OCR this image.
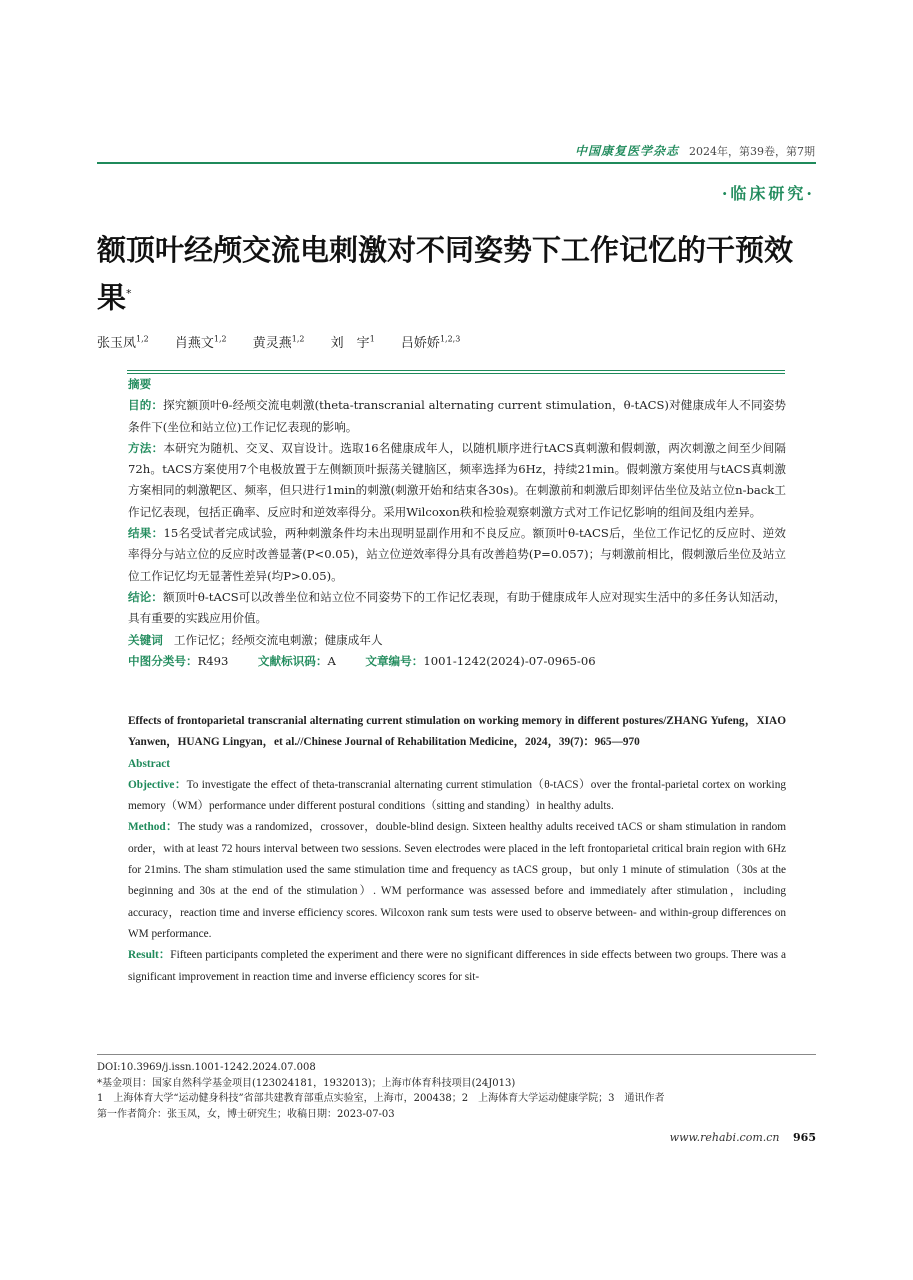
中国康复医学杂志 2024年，第39卷，第7期
·临床研究·
额顶叶经颅交流电刺激对不同姿势下工作记忆的干预效果*
张玉凤$^{1,2}$ 肖燕文$^{1,2}$ 黄灵燕$^{1,2}$ 刘　宇$^1$ 吕娇娇$^{1,2,3}$

摘要

目的：探究额顶叶θ-经颅交流电刺激(theta-transcranial alternating current stimulation，θ-tACS)对健康成年人不同姿势条件下(坐位和站立位)工作记忆表现的影响。

方法：本研究为随机、交叉、双盲设计。选取16名健康成年人，以随机顺序进行tACS真刺激和假刺激，两次刺激之间至少间隔72h。tACS方案使用7个电极放置于左侧额顶叶振荡关键脑区，频率选择为6Hz，持续21min。假刺激方案使用与tACS真刺激方案相同的刺激靶区、频率，但只进行1min的刺激(刺激开始和结束各30s)。在刺激前和刺激后即刻评估坐位及站立位n-back工作记忆表现，包括正确率、反应时和逆效率得分。采用Wilcoxon秩和检验观察刺激方式对工作记忆影响的组间及组内差异。

结果：15名受试者完成试验，两种刺激条件均未出现明显副作用和不良反应。额顶叶θ-tACS后，坐位工作记忆的反应时、逆效率得分与站立位的反应时改善显著(P<0.05)，站立位逆效率得分具有改善趋势(P=0.057)；与刺激前相比，假刺激后坐位及站立位工作记忆均无显著性差异(均P>0.05)。

结论：额顶叶θ-tACS可以改善坐位和站立位不同姿势下的工作记忆表现，有助于健康成年人应对现实生活中的多任务认知活动，具有重要的实践应用价值。

关键词 工作记忆；经颅交流电刺激；健康成年人

中图分类号：R493	文献标识码：A	文章编号：1001-1242(2024)-07-0965-06

Effects of frontoparietal transcranial alternating current stimulation on working memory in different postures/ZHANG Yufeng，XIAO Yanwen，HUANG Lingyan，et al.//Chinese Journal of Rehabilitation Medicine，2024，39(7)：965—970

Abstract

Objective：To investigate the effect of theta-transcranial alternating current stimulation（θ-tACS）over the frontal-parietal cortex on working memory（WM）performance under different postural conditions（sitting and standing）in healthy adults.

Method：The study was a randomized，crossover，double-blind design. Sixteen healthy adults received tACS or sham stimulation in random order，with at least 72 hours interval between two sessions. Seven electrodes were placed in the left frontoparietal critical brain region with 6Hz for 21mins. The sham stimulation used the same stimulation time and frequency as tACS group，but only 1 minute of stimulation（30s at the beginning and 30s at the end of the stimulation）. WM performance was assessed before and immediately after stimulation，including accuracy，reaction time and inverse efficiency scores. Wilcoxon rank sum tests were used to observe between- and within-group differences on WM performance.

Result：Fifteen participants completed the experiment and there were no significant differences in side effects between two groups. There was a significant improvement in reaction time and inverse efficiency scores for sit-

DOI:10.3969/j.issn.1001-1242.2024.07.008

*基金项目：国家自然科学基金项目(123024181，1932013)；上海市体育科技项目(24J013)

1　上海体育大学“运动健身科技”省部共建教育部重点实验室，上海市，200438；2　上海体育大学运动健康学院；3　通讯作者

第一作者简介：张玉凤，女，博士研究生；收稿日期：2023-07-03

www.rehabi.com.cn 965
